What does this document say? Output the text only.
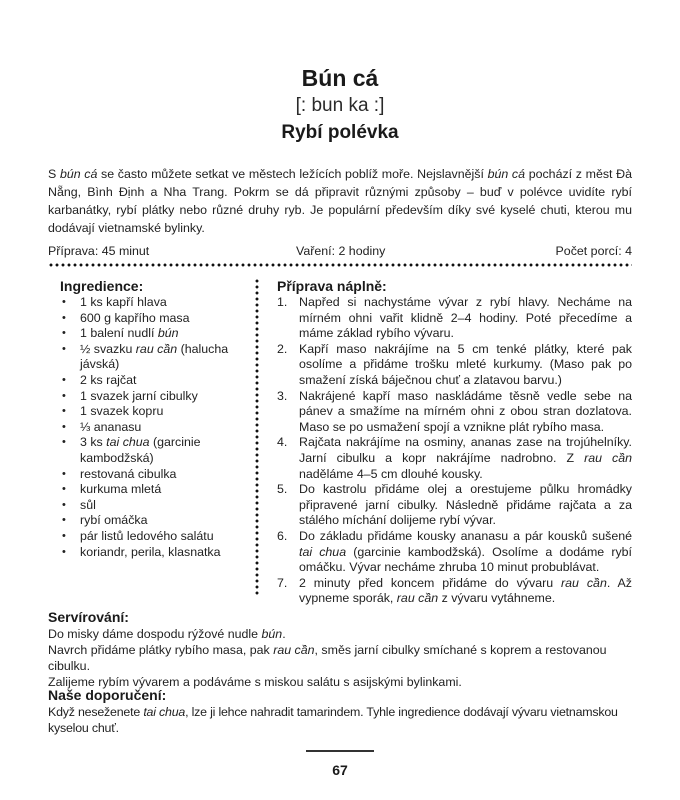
Bún cá
[: bun ka :]
Rybí polévka

S bún cá se často můžete setkat ve městech ležících poblíž moře. Nejslavnější bún cá pochází z měst Đà Nẵng, Bình Định a Nha Trang. Pokrm se dá připravit různými způsoby – buď v polévce uvidíte rybí karbanátky, rybí plátky nebo různé druhy ryb. Je populární především díky své kyselé chuti, kterou mu dodávají vietnamské bylinky.

Příprava: 45 minut	Vaření: 2 hodiny	Počet porcí: 4
Ingredience:
• 1 ks kapří hlava
• 600 g kapřího masa
• 1 balení nudlí bún
• ½ svazku rau cần (halucha jávská)
• 2 ks rajčat
• 1 svazek jarní cibulky
• 1 svazek kopru
• ⅓ ananasu
• 3 ks tai chua (garcinie kambodžská)
• restovaná cibulka
• kurkuma mletá
• sůl
• rybí omáčka
• pár listů ledového salátu
• koriandr, perila, klasnatka
Příprava náplně:
1. Napřed si nachystáme vývar z rybí hlavy. Necháme na mírném ohni vařit klidně 2–4 hodiny. Poté přecedíme a máme základ rybího vývaru.
2. Kapří maso nakrájíme na 5 cm tenké plátky, které pak osolíme a přidáme trošku mleté kurkumy. (Maso pak po smažení získá báječnou chuť a zlatavou barvu.)
3. Nakrájené kapří maso naskládáme těsně vedle sebe na pánev a smažíme na mírném ohni z obou stran dozlatova. Maso se po usmažení spojí a vznikne plát rybího masa.
4. Rajčata nakrájíme na osminy, ananas zase na trojúhelníky. Jarní cibulku a kopr nakrájíme nadrobno. Z rau cần naděláme 4–5 cm dlouhé kousky.
5. Do kastrolu přidáme olej a orestujeme půlku hromádky připravené jarní cibulky. Následně přidáme rajčata a za stálého míchání dolijeme rybí vývar.
6. Do základu přidáme kousky ananasu a pár kousků sušené tai chua (garcinie kambodžská). Osolíme a dodáme rybí omáčku. Vývar necháme zhruba 10 minut probublávat.
7. 2 minuty před koncem přidáme do vývaru rau cần. Až vypneme sporák, rau cần z vývaru vytáhneme.
Servírování:

Do misky dáme dospodu rýžové nudle bún.

Navrch přidáme plátky rybího masa, pak rau cần, směs jarní cibulky smíchané s koprem a restovanou cibulku.

Zalijeme rybím vývarem a podáváme s miskou salátu s asijskými bylinkami.

Naše doporučení:

Když neseženete tai chua, lze ji lehce nahradit tamarindem. Tyhle ingredience dodávají vývaru vietnamskou kyselou chuť.

67
